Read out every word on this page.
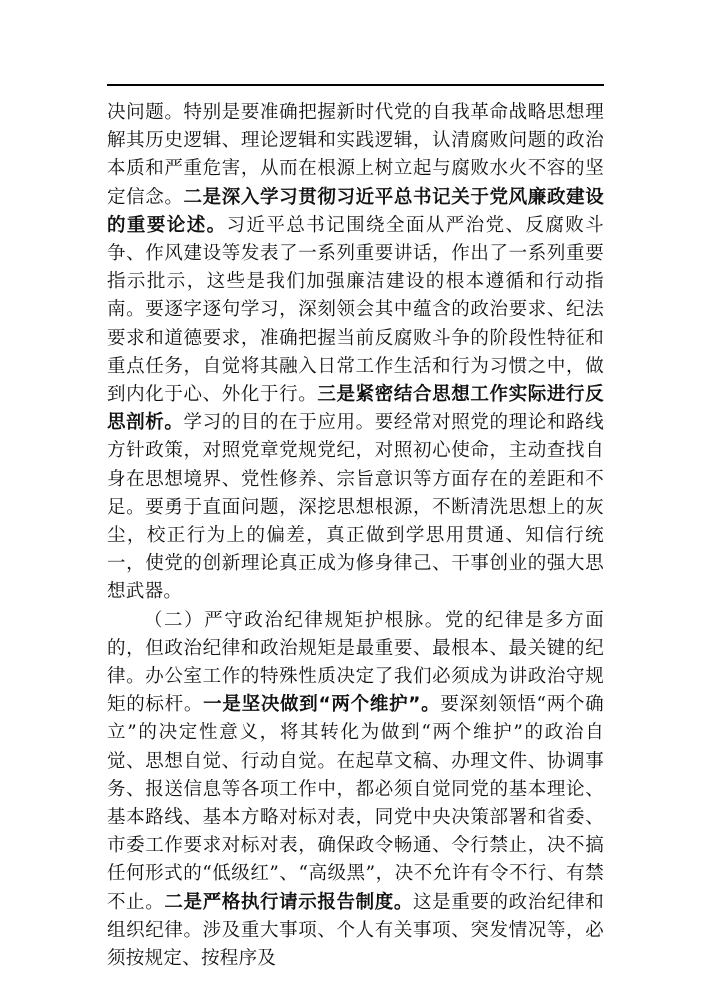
决问题。特别是要准确把握新时代党的自我革命战略思想理解其历史逻辑、理论逻辑和实践逻辑，认清腐败问题的政治本质和严重危害，从而在根源上树立起与腐败水火不容的坚定信念。二是深入学习贯彻习近平总书记关于党风廉政建设的重要论述。习近平总书记围绕全面从严治党、反腐败斗争、作风建设等发表了一系列重要讲话，作出了一系列重要指示批示，这些是我们加强廉洁建设的根本遵循和行动指南。要逐字逐句学习，深刻领会其中蕴含的政治要求、纪法要求和道德要求，准确把握当前反腐败斗争的阶段性特征和重点任务，自觉将其融入日常工作生活和行为习惯之中，做到内化于心、外化于行。三是紧密结合思想工作实际进行反思剖析。学习的目的在于应用。要经常对照党的理论和路线方针政策，对照党章党规党纪，对照初心使命，主动查找自身在思想境界、党性修养、宗旨意识等方面存在的差距和不足。要勇于直面问题，深挖思想根源，不断清洗思想上的灰尘，校正行为上的偏差，真正做到学思用贯通、知信行统一，使党的创新理论真正成为修身律己、干事创业的强大思想武器。

（二）严守政治纪律规矩护根脉。党的纪律是多方面的，但政治纪律和政治规矩是最重要、最根本、最关键的纪律。办公室工作的特殊性质决定了我们必须成为讲政治守规矩的标杆。一是坚决做到“两个维护”。要深刻领悟“两个确立”的决定性意义，将其转化为做到“两个维护”的政治自觉、思想自觉、行动自觉。在起草文稿、办理文件、协调事务、报送信息等各项工作中，都必须自觉同党的基本理论、基本路线、基本方略对标对表，同党中央决策部署和省委、市委工作要求对标对表，确保政令畅通、令行禁止，决不搞任何形式的“低级红”、“高级黑”，决不允许有令不行、有禁不止。二是严格执行请示报告制度。这是重要的政治纪律和组织纪律。涉及重大事项、个人有关事项、突发情况等，必须按规定、按程序及
